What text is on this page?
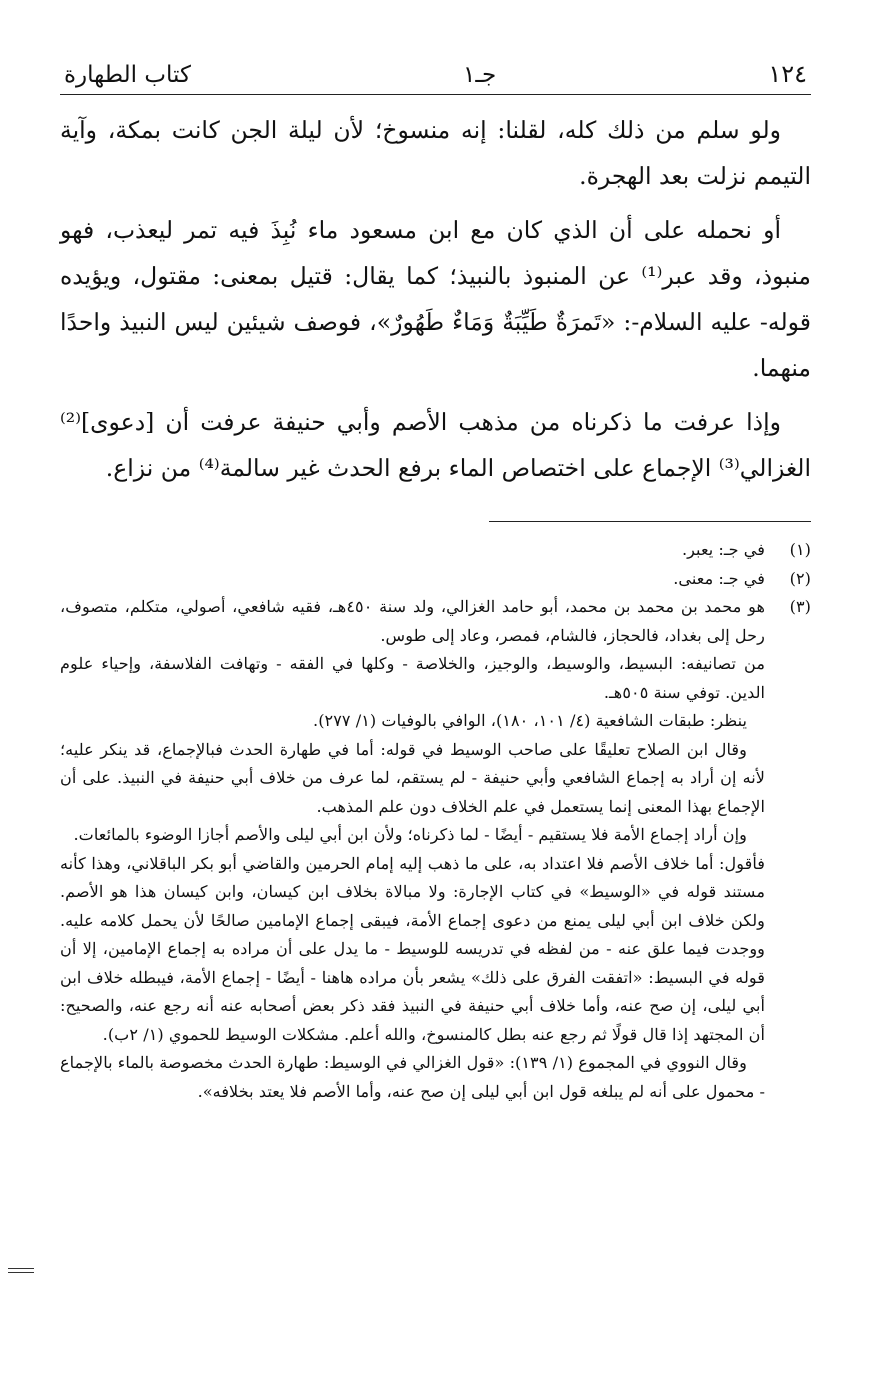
١٢٤
جـ١
كتاب الطهارة

ولو سلم من ذلك كله، لقلنا: إنه منسوخ؛ لأن ليلة الجن كانت بمكة، وآية التيمم نزلت بعد الهجرة.

أو نحمله على أن الذي كان مع ابن مسعود ماء نُبِذَ فيه تمر ليعذب، فهو منبوذ، وقد عبر⁽¹⁾ عن المنبوذ بالنبيذ؛ كما يقال: قتيل بمعنى: مقتول، ويؤيده قوله- عليه السلام-: «تَمرَةٌ طَيِّبَةٌ وَمَاءٌ طَهُورٌ»، فوصف شيئين ليس النبيذ واحدًا منهما.

وإذا عرفت ما ذكرناه من مذهب الأصم وأبي حنيفة عرفت أن [دعوى]⁽²⁾ الغزالي⁽³⁾ الإجماع على اختصاص الماء برفع الحدث غير سالمة⁽⁴⁾ من نزاع.

(١)
في جـ: يعبر.
(٢)
في جـ: معنى.
(٣)
هو محمد بن محمد بن محمد، أبو حامد الغزالي، ولد سنة ٤٥٠هـ، فقيه شافعي، أصولي، متكلم، متصوف، رحل إلى بغداد، فالحجاز، فالشام، فمصر، وعاد إلى طوس.
من تصانيفه: البسيط، والوسيط، والوجيز، والخلاصة - وكلها في الفقه - وتهافت الفلاسفة، وإحياء علوم الدين. توفي سنة ٥٠٥هـ.
ينظر: طبقات الشافعية (٤/ ١٠١، ١٨٠)، الوافي بالوفيات (١/ ٢٧٧).
وقال ابن الصلاح تعليقًا على صاحب الوسيط في قوله: أما في طهارة الحدث فبالإجماع، قد ينكر عليه؛ لأنه إن أراد به إجماع الشافعي وأبي حنيفة - لم يستقم، لما عرف من خلاف أبي حنيفة في النبيذ. على أن الإجماع بهذا المعنى إنما يستعمل في علم الخلاف دون علم المذهب.
وإن أراد إجماع الأمة فلا يستقيم - أيضًا - لما ذكرناه؛ ولأن ابن أبي ليلى والأصم أجازا الوضوء بالمائعات.
فأقول: أما خلاف الأصم فلا اعتداد به، على ما ذهب إليه إمام الحرمين والقاضي أبو بكر الباقلاني، وهذا كأنه مستند قوله في «الوسيط» في كتاب الإجارة: ولا مبالاة بخلاف ابن كيسان، وابن كيسان هذا هو الأصم. ولكن خلاف ابن أبي ليلى يمنع من دعوى إجماع الأمة، فيبقى إجماع الإمامين صالحًا لأن يحمل كلامه عليه. ووجدت فيما علق عنه - من لفظه في تدريسه للوسيط - ما يدل على أن مراده به إجماع الإمامين، إلا أن قوله في البسيط: «اتفقت الفرق على ذلك» يشعر بأن مراده هاهنا - أيضًا - إجماع الأمة، فيبطله خلاف ابن أبي ليلى، إن صح عنه، وأما خلاف أبي حنيفة في النبيذ فقد ذكر بعض أصحابه عنه أنه رجع عنه، والصحيح: أن المجتهد إذا قال قولًا ثم رجع عنه بطل كالمنسوخ، والله أعلم. مشكلات الوسيط للحموي (١/ ٢ب).
وقال النووي في المجموع (١/ ١٣٩): «قول الغزالي في الوسيط: طهارة الحدث مخصوصة بالماء بالإجماع - محمول على أنه لم يبلغه قول ابن أبي ليلى إن صح عنه، وأما الأصم فلا يعتد بخلافه».
